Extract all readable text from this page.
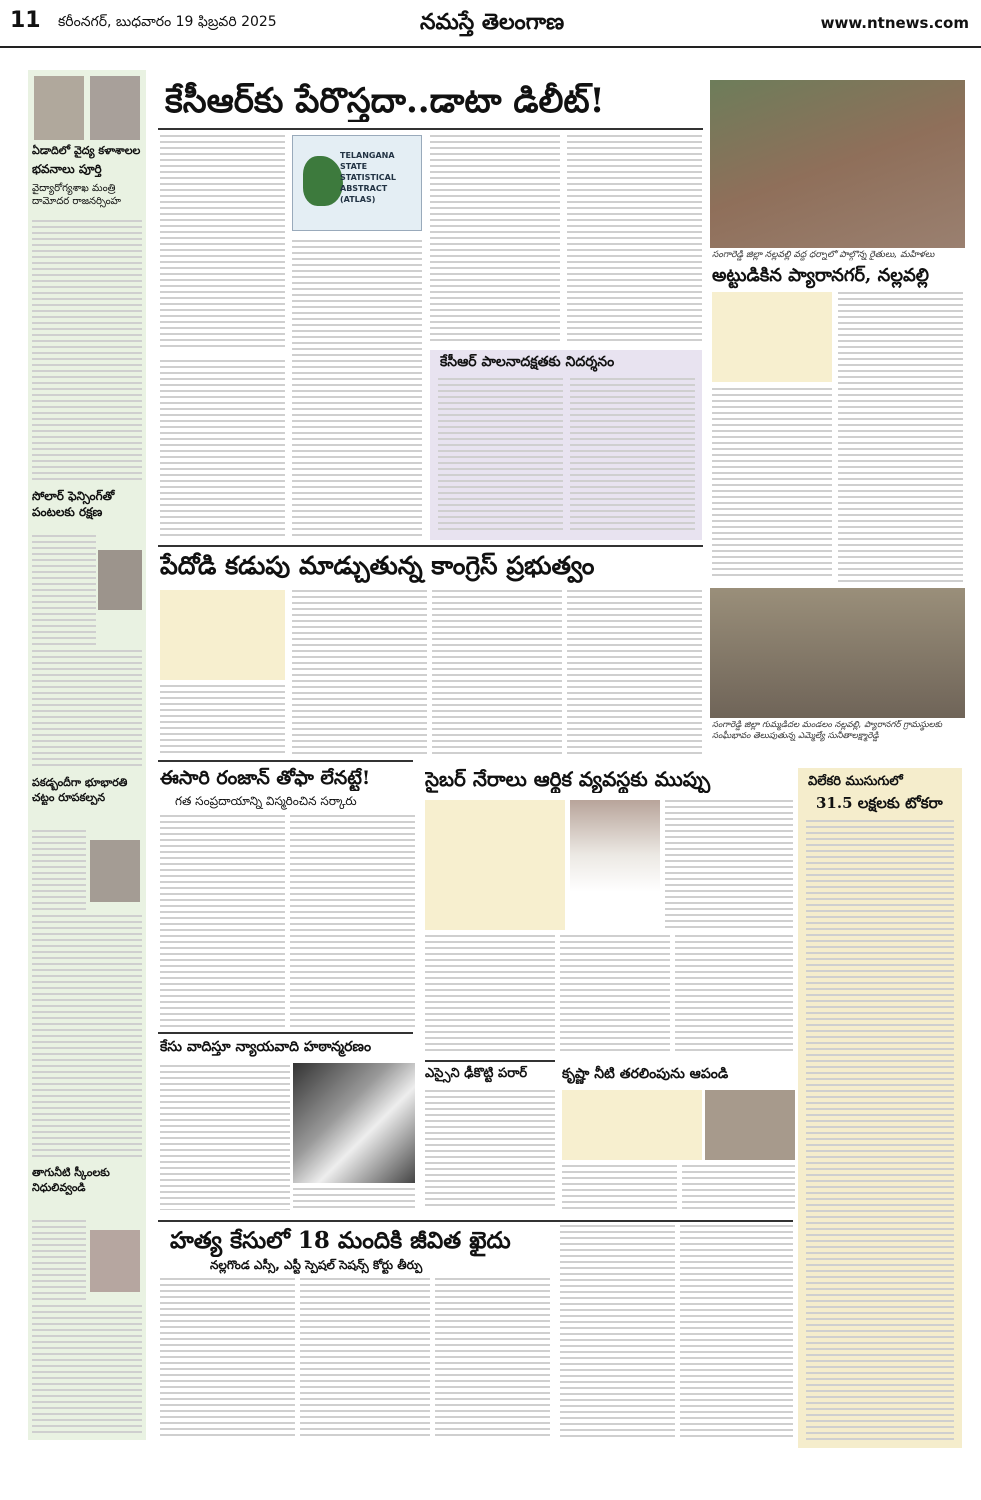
11 కరీంనగర్, బుధవారం 19 ఫిబ్రవరి 2025	నమస్తే తెలంగాణ	www.ntnews.com
ఏడాదిలో వైద్య కళాశాలల
భవనాలు పూర్తి
వైద్యారోగ్యశాఖ మంత్రి దామోదర రాజనర్సింహ
సోలార్ ఫెన్సింగ్‌తో పంటలకు రక్షణ
పకడ్బందీగా భూభారతి చట్టం రూపకల్పన
తాగునీటి స్కీంలకు నిధులివ్వండి
కేసీఆర్‌కు పేరొస్తదా..డాటా డిలీట్!
TELANGANA STATE STATISTICAL ABSTRACT (ATLAS)
కేసీఆర్ పాలనాదక్షతకు నిదర్శనం
సంగారెడ్డి జిల్లా నల్లవల్లి వద్ద ధర్నాలో పాల్గొన్న రైతులు, మహిళలు
అట్టుడికిన ప్యారానగర్, నల్లవల్లి
సంగారెడ్డి జిల్లా గుమ్మడిదల మండలం నల్లవల్లి, ప్యారానగర్ గ్రామస్థులకు సంఘీభావం తెలుపుతున్న ఎమ్మెల్యే సునీతాలక్ష్మారెడ్డి
పేదోడి కడుపు మాడ్చుతున్న కాంగ్రెస్ ప్రభుత్వం
ఈసారి రంజాన్ తోఫా లేనట్టే!
గత సంప్రదాయాన్ని విస్మరించిన సర్కారు
సైబర్ నేరాలు ఆర్థిక వ్యవస్థకు ముప్పు	విలేకరి ముసుగులో
31.5 లక్షలకు టోకరా
కేసు వాదిస్తూ న్యాయవాది హఠాన్మరణం
ఎస్సైని ఢీకొట్టి పరార్	కృష్ణా నీటి తరలింపును ఆపండి
హత్య కేసులో 18 మందికి జీవిత ఖైదు
నల్లగొండ ఎస్సీ, ఎస్టీ స్పెషల్ సెషన్స్ కోర్టు తీర్పు
